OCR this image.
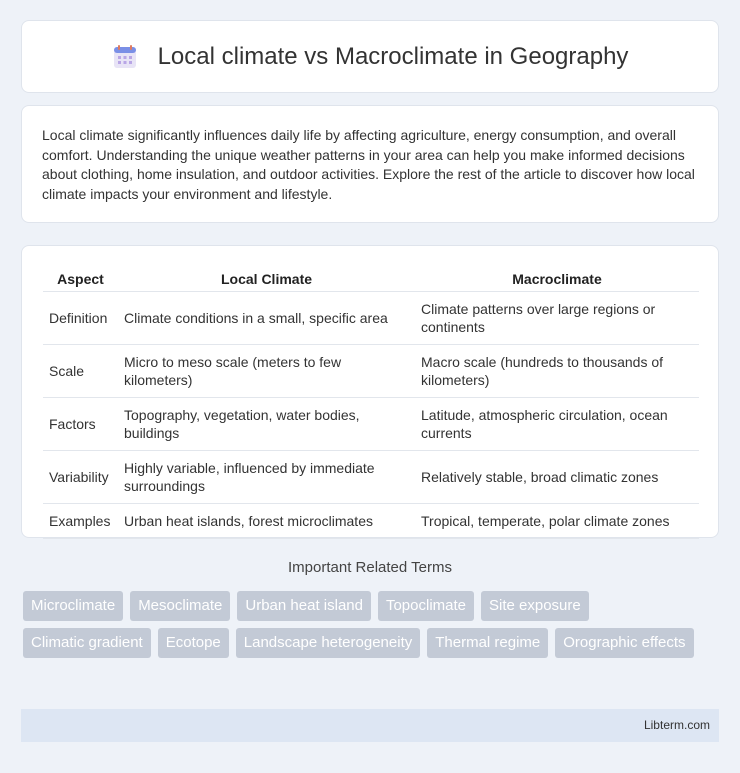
Local climate vs Macroclimate in Geography

Local climate significantly influences daily life by affecting agriculture, energy consumption, and overall comfort. Understanding the unique weather patterns in your area can help you make informed decisions about clothing, home insulation, and outdoor activities. Explore the rest of the article to discover how local climate impacts your environment and lifestyle.

Aspect	Local Climate	Macroclimate
Definition	Climate conditions in a small, specific area	Climate patterns over large regions or continents
Scale	Micro to meso scale (meters to few kilometers)	Macro scale (hundreds to thousands of kilometers)
Factors	Topography, vegetation, water bodies, buildings	Latitude, atmospheric circulation, ocean currents
Variability	Highly variable, influenced by immediate surroundings	Relatively stable, broad climatic zones
Examples	Urban heat islands, forest microclimates	Tropical, temperate, polar climate zones
Important Related Terms
Microclimate	Mesoclimate	Urban heat island	Topoclimate	Site exposure
Climatic gradient	Ecotope	Landscape heterogeneity	Thermal regime	Orographic effects
Libterm.com
